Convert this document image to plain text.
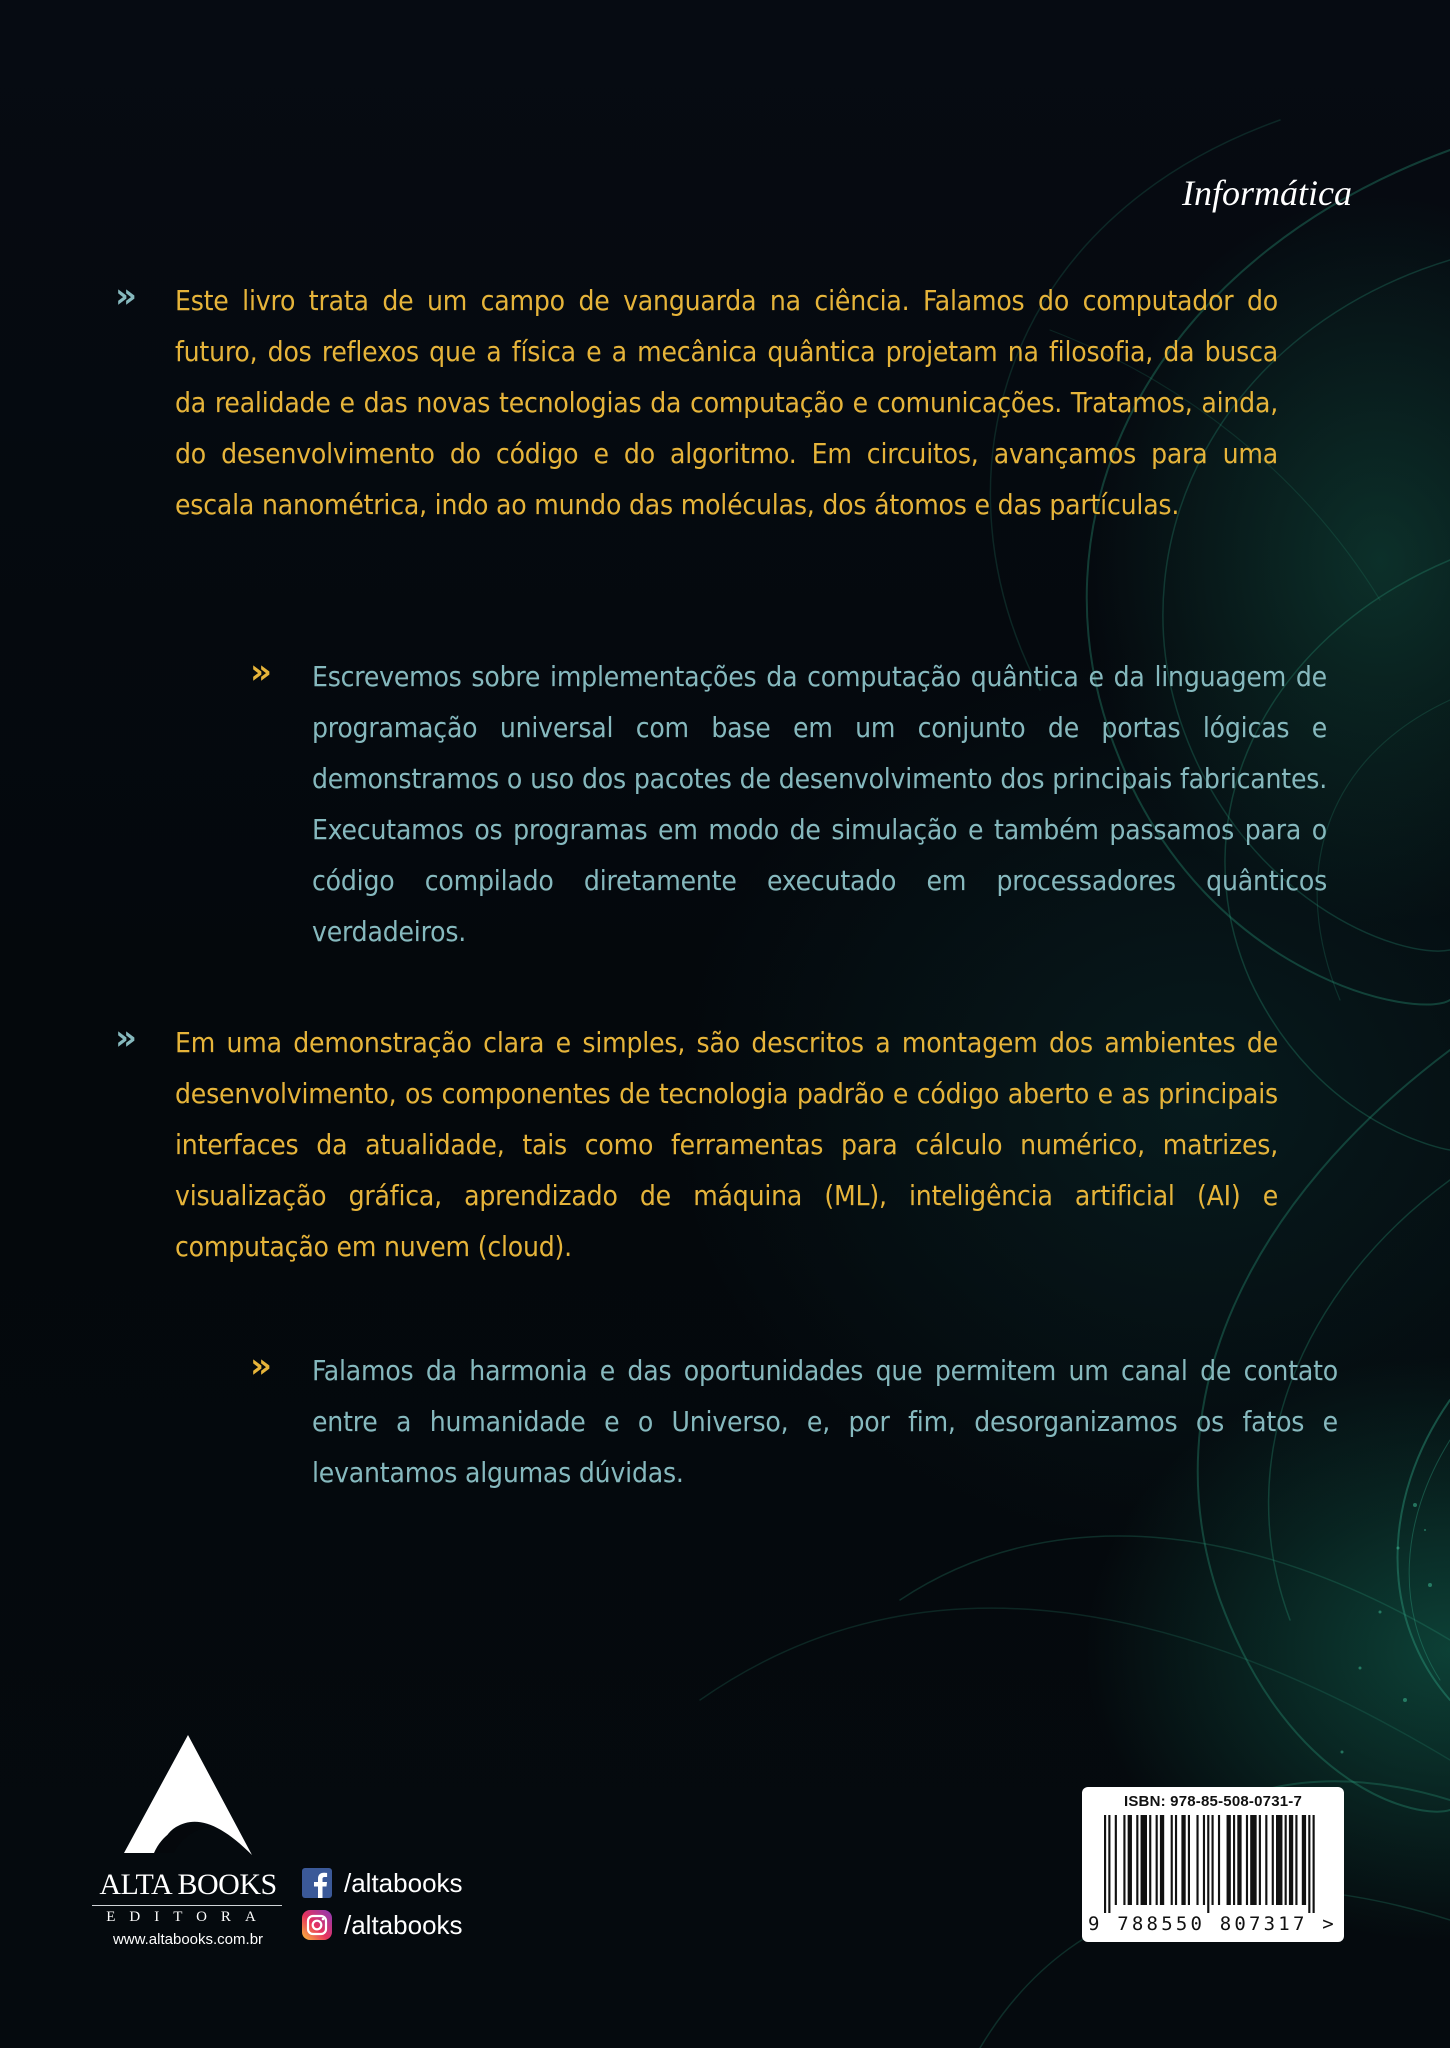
Informática
» Este livro trata de um campo de vanguarda na ciência. Falamos do computador do futuro, dos reflexos que a física e a mecânica quântica projetam na filosofia, da busca da realidade e das novas tecnologias da computação e comunicações. Tratamos, ainda, do desenvolvimento do código e do algoritmo. Em circuitos, avançamos para uma escala nanométrica, indo ao mundo das moléculas, dos átomos e das partículas.

» Escrevemos sobre implementações da computação quântica e da linguagem de programação universal com base em um conjunto de portas lógicas e demonstramos o uso dos pacotes de desenvolvimento dos principais fabricantes. Executamos os programas em modo de simulação e também passamos para o código compilado diretamente executado em processadores quânticos verdadeiros.

» Em uma demonstração clara e simples, são descritos a montagem dos ambientes de desenvolvimento, os componentes de tecnologia padrão e código aberto e as principais interfaces da atualidade, tais como ferramentas para cálculo numérico, matrizes, visualização gráfica, aprendizado de máquina (ML), inteligência artificial (AI) e computação em nuvem (cloud).

» Falamos da harmonia e das oportunidades que permitem um canal de contato entre a humanidade e o Universo, e, por fim, desorganizamos os fatos e levantamos algumas dúvidas.

ALTA BOOKS
EDITORA
www.altabooks.com.br
/altabooks
/altabooks
ISBN: 978-85-508-0731-7
9 788550 807317 >
